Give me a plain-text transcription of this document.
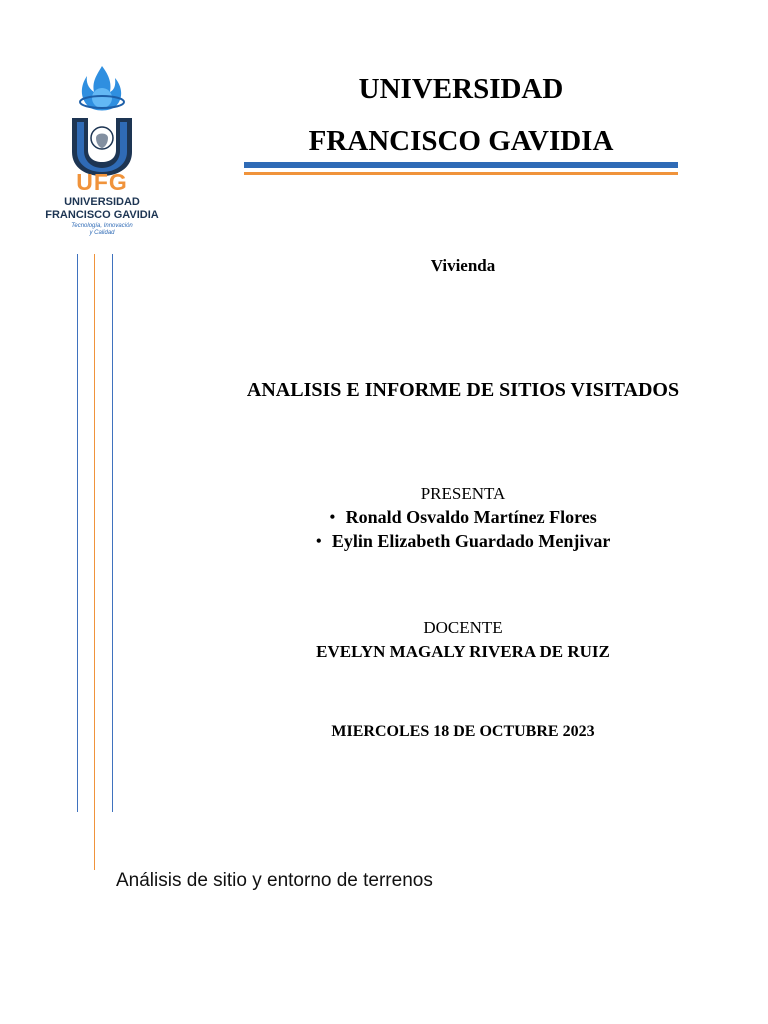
UFG
UNIVERSIDAD
FRANCISCO GAVIDIA
Tecnología, Innovación
y Calidad
UNIVERSIDAD
FRANCISCO GAVIDIA
Vivienda
ANALISIS E INFORME DE SITIOS VISITADOS
PRESENTA
• Ronald Osvaldo Martínez Flores
• Eylin Elizabeth Guardado Menjivar
DOCENTE
EVELYN MAGALY RIVERA DE RUIZ
MIERCOLES 18 DE OCTUBRE 2023
Análisis de sitio y entorno de terrenos
